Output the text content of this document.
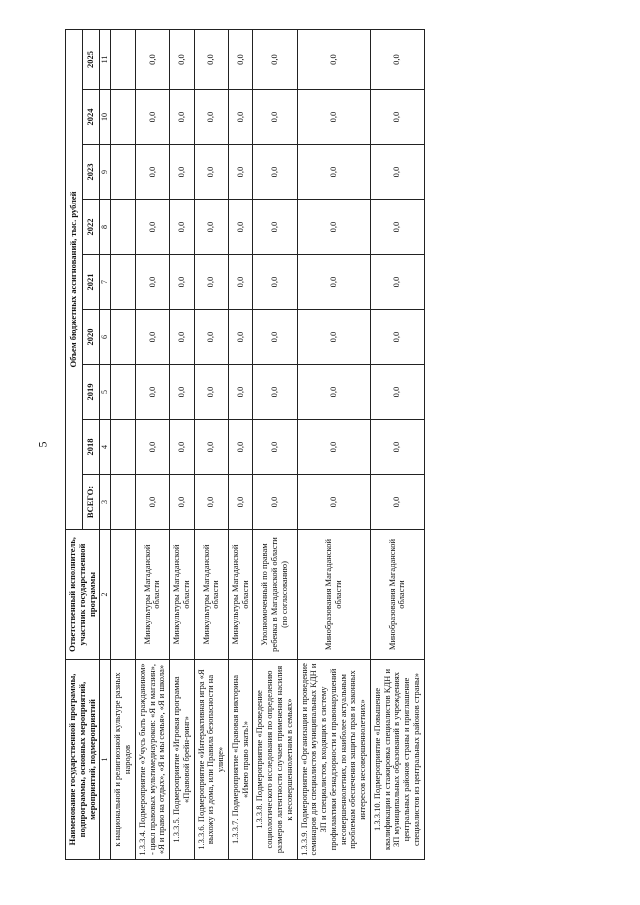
5
Наименование государственной программы, подпрограммы, основных мероприятий, мероприятий, подмероприятий	Ответственный исполнитель, участник государственной программы	Объем бюджетных ассигнований, тыс. рублей								
		ВСЕГО:	2018	2019	2020	2021	2022	2023	2024	2025
1	2	3	4	5	6	7	8	9	10	11
к национальной и религиозной культуре разных народов										
1.3.3.4. Подмероприятие «Учусь быть гражданином» - цикл правовых мультимедиауроков: «Я и магазин», «Я и право на отдых», «Я и мы семья», «Я и школа»	Минкультуры Магаданской области	0,0	0,0	0,0	0,0	0,0	0,0	0,0	0,0	0,0
1.3.3.5. Подмероприятие «Игровая программа «Правовой брейн-ринг»	Минкультуры Магаданской области	0,0	0,0	0,0	0,0	0,0	0,0	0,0	0,0	0,0
1.3.3.6. Подмероприятие «Интерактивная игра «Я выхожу из дома, или Правила безопасности на улице»	Минкультуры Магаданской области	0,0	0,0	0,0	0,0	0,0	0,0	0,0	0,0	0,0
1.3.3.7. Подмероприятие «Правовая викторина «Имею право знать!»	Минкультуры Магаданской области	0,0	0,0	0,0	0,0	0,0	0,0	0,0	0,0	0,0
1.3.3.8. Подмероприятие «Проведение социологического исследования по определению размеров латентности случаев применения насилия к несовершеннолетним в семьях»	Уполномоченный по правам ребенка в Магаданской области (по согласованию)	0,0	0,0	0,0	0,0	0,0	0,0	0,0	0,0	0,0
1.3.3.9. Подмероприятие «Организация и проведение семинаров для специалистов муниципальных КДН и ЗП и специалистов, входящих в систему профилактики безнадзорности и правонарушений несовершеннолетних, по наиболее актуальным проблемам обеспечения защиты прав и законных интересов несовершеннолетних»	Минобразования Магаданской области	0,0	0,0	0,0	0,0	0,0	0,0	0,0	0,0	0,0
1.3.3.10. Подмероприятие «Повышение квалификации и стажировка специалистов КДН и ЗП муниципальных образований в учреждениях центральных районов страны и приглашение специалистов из центральных районов страны»	Минобразования Магаданской области	0,0	0,0	0,0	0,0	0,0	0,0	0,0	0,0	0,0
